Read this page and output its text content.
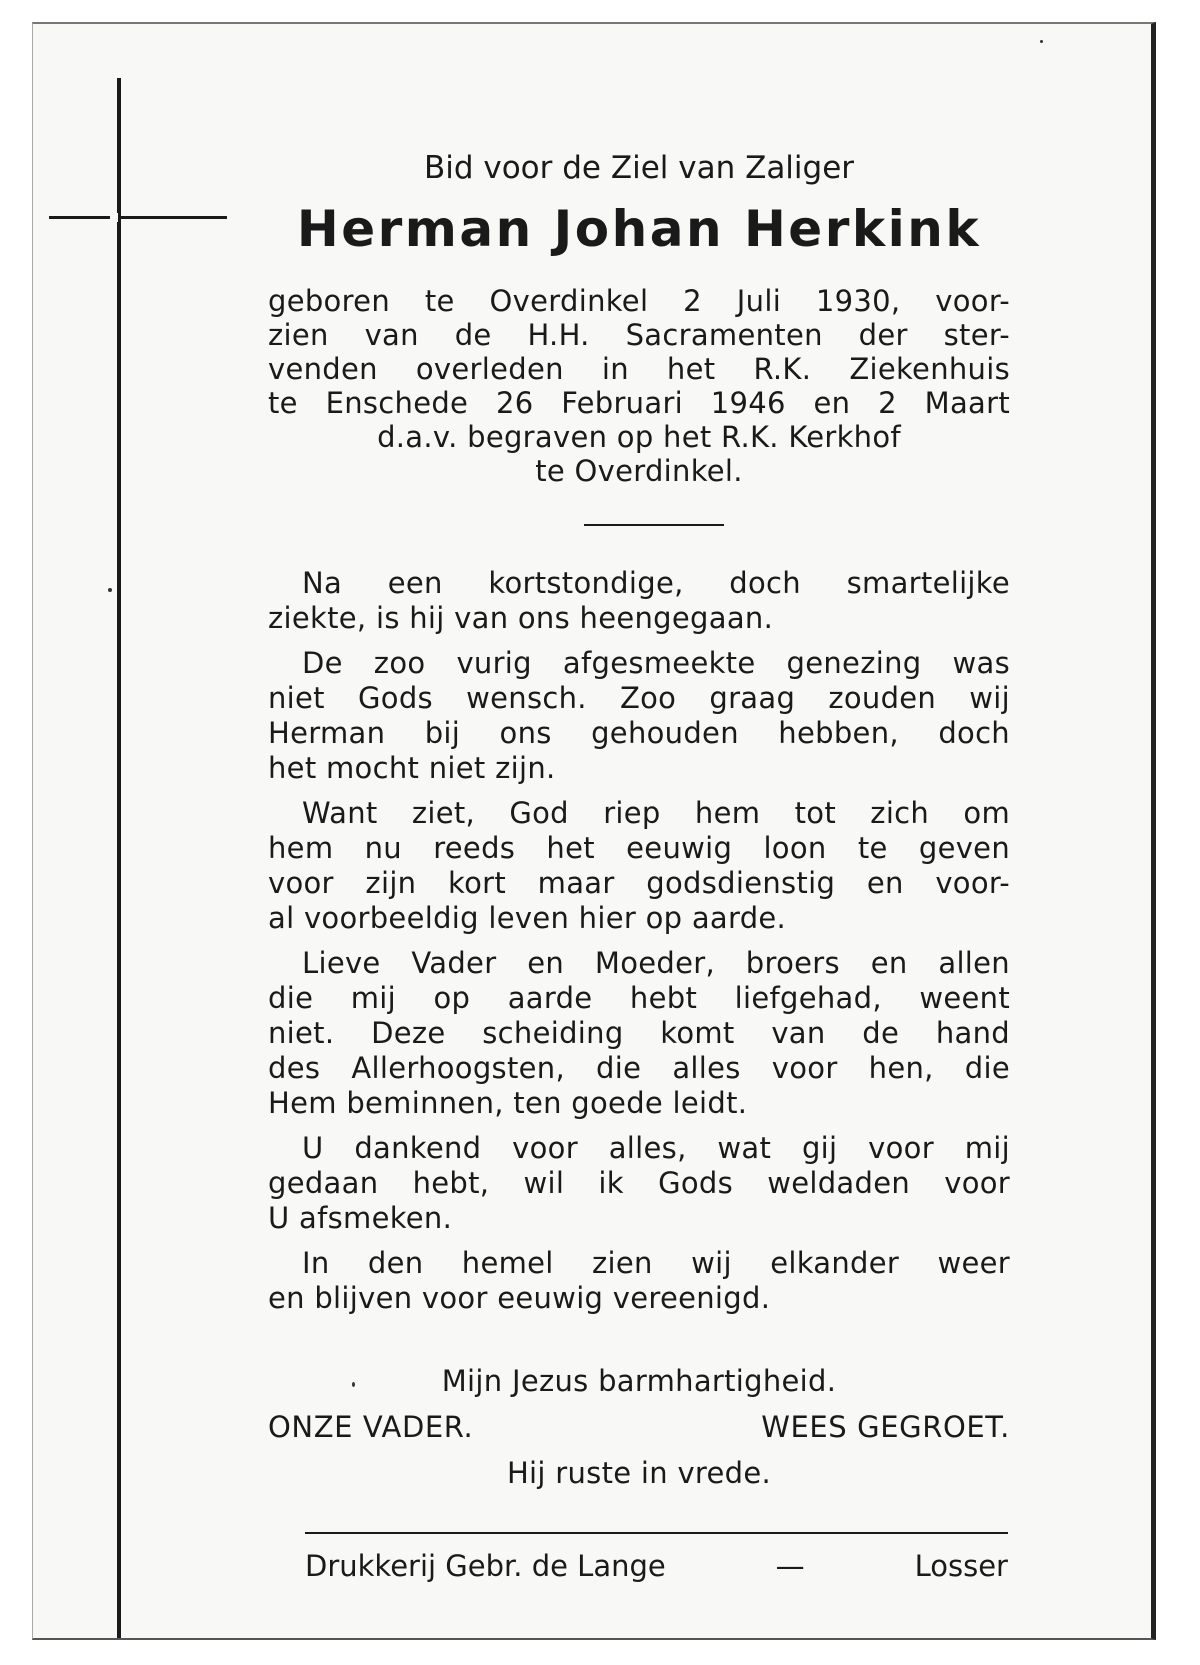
Bid voor de Ziel van Zaliger
Herman Johan Herkink
geboren te Overdinkel 2 Juli 1930, voor-
zien van de H.H. Sacramenten der ster-
venden overleden in het R.K. Ziekenhuis
te Enschede 26 Februari 1946 en 2 Maart
d.a.v. begraven op het R.K. Kerkhof
te Overdinkel.
Na een kortstondige, doch smartelijke
ziekte, is hij van ons heengegaan.
De zoo vurig afgesmeekte genezing was
niet Gods wensch. Zoo graag zouden wij
Herman bij ons gehouden hebben, doch
het mocht niet zijn.
Want ziet, God riep hem tot zich om
hem nu reeds het eeuwig loon te geven
voor zijn kort maar godsdienstig en voor-
al voorbeeldig leven hier op aarde.
Lieve Vader en Moeder, broers en allen
die mij op aarde hebt liefgehad, weent
niet. Deze scheiding komt van de hand
des Allerhoogsten, die alles voor hen, die
Hem beminnen, ten goede leidt.
U dankend voor alles, wat gij voor mij
gedaan hebt, wil ik Gods weldaden voor
U afsmeken.
In den hemel zien wij elkander weer
en blijven voor eeuwig vereenigd.
Mijn Jezus barmhartigheid.
ONZE VADER.	WEES GEGROET.
Hij ruste in vrede.
Drukkerij Gebr. de Lange	—	Losser
